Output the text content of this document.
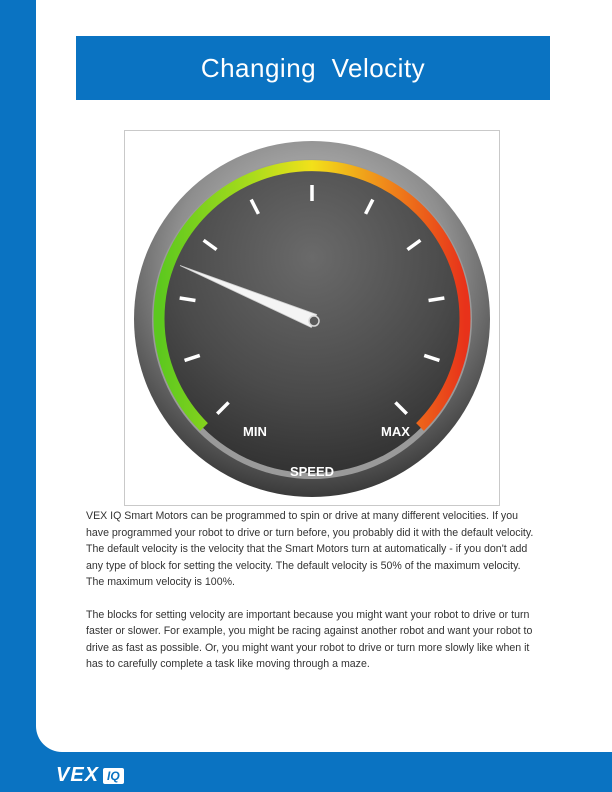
Changing  Velocity
MIN	MAX
SPEED

VEX IQ Smart Motors can be programmed to spin or drive at many different velocities. If you have programmed your robot to drive or turn before, you probably did it with the default velocity. The default velocity is the velocity that the Smart Motors turn at automatically - if you don't add any type of block for setting the velocity. The default velocity is 50% of the maximum velocity. The maximum velocity is 100%.

The blocks for setting velocity are important because you might want your robot to drive or turn faster or slower. For example, you might be racing against another robot and want your robot to drive as fast as possible. Or, you might want your robot to drive or turn more slowly like when it has to carefully complete a task like moving through a maze.

VEX IQ
